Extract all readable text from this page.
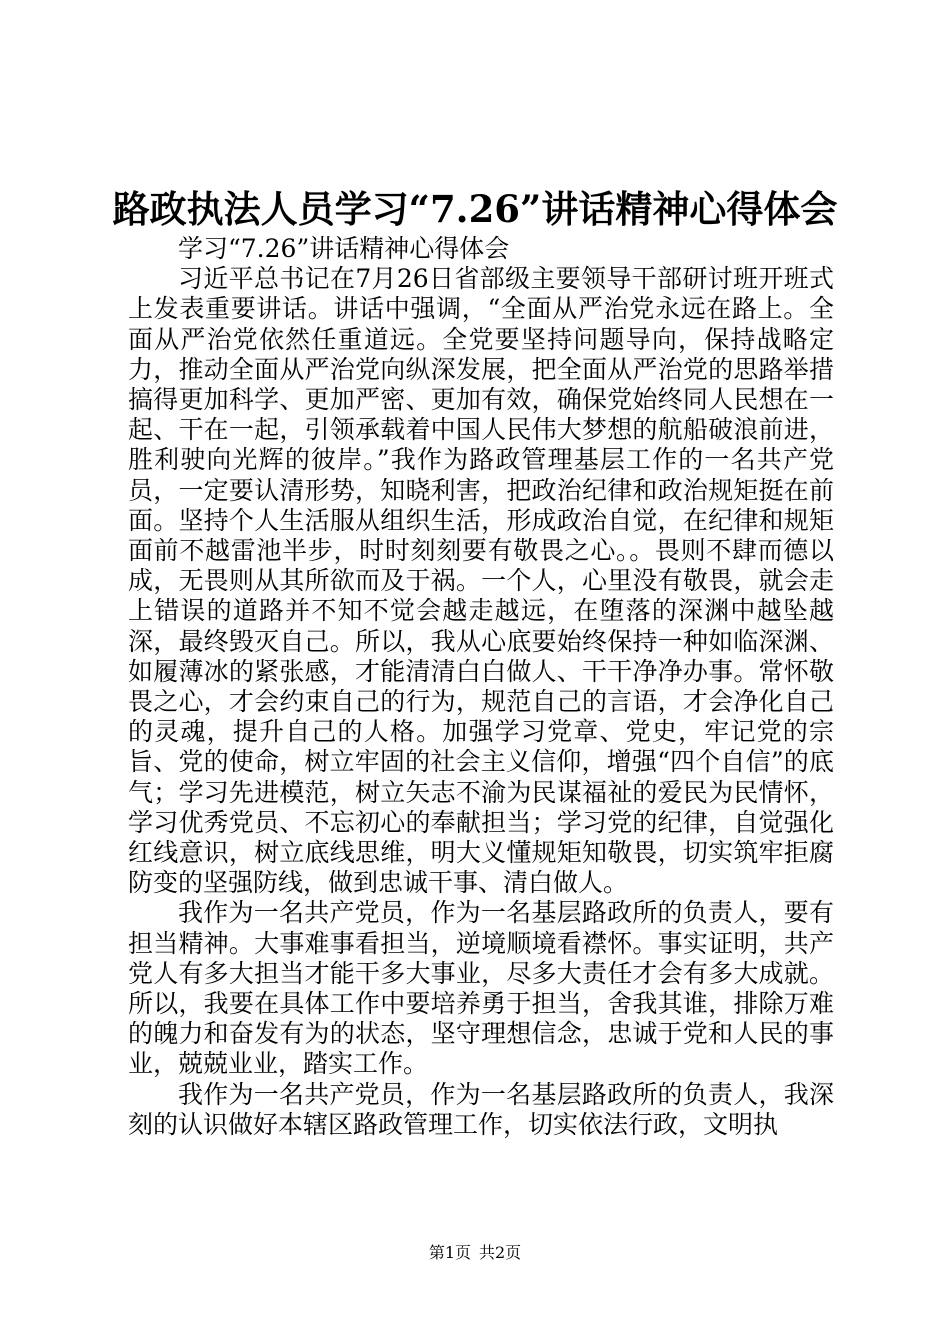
路政执法人员学习“7.26”讲话精神心得体会

学习“7.26”讲话精神心得体会

习近平总书记在7月26日省部级主要领导干部研讨班开班式上发表重要讲话。讲话中强调，“全面从严治党永远在路上。全面从严治党依然任重道远。全党要坚持问题导向，保持战略定力，推动全面从严治党向纵深发展，把全面从严治党的思路举措搞得更加科学、更加严密、更加有效，确保党始终同人民想在一起、干在一起，引领承载着中国人民伟大梦想的航船破浪前进，胜利驶向光辉的彼岸。”我作为路政管理基层工作的一名共产党员，一定要认清形势，知晓利害，把政治纪律和政治规矩挺在前面。坚持个人生活服从组织生活，形成政治自觉，在纪律和规矩面前不越雷池半步，时时刻刻要有敬畏之心。。畏则不肆而德以成，无畏则从其所欲而及于祸。一个人，心里没有敬畏，就会走上错误的道路并不知不觉会越走越远，在堕落的深渊中越坠越深，最终毁灭自己。所以，我从心底要始终保持一种如临深渊、如履薄冰的紧张感，才能清清白白做人、干干净净办事。常怀敬畏之心，才会约束自己的行为，规范自己的言语，才会净化自己的灵魂，提升自己的人格。加强学习党章、党史，牢记党的宗旨、党的使命，树立牢固的社会主义信仰，增强“四个自信”的底气；学习先进模范，树立矢志不渝为民谋福祉的爱民为民情怀，学习优秀党员、不忘初心的奉献担当；学习党的纪律，自觉强化红线意识，树立底线思维，明大义懂规矩知敬畏，切实筑牢拒腐防变的坚强防线，做到忠诚干事、清白做人。

我作为一名共产党员，作为一名基层路政所的负责人，要有担当精神。大事难事看担当，逆境顺境看襟怀。事实证明，共产党人有多大担当才能干多大事业，尽多大责任才会有多大成就。所以，我要在具体工作中要培养勇于担当，舍我其谁，排除万难的魄力和奋发有为的状态，坚守理想信念，忠诚于党和人民的事业，兢兢业业，踏实工作。

我作为一名共产党员，作为一名基层路政所的负责人，我深刻的认识做好本辖区路政管理工作，切实依法行政，文明执

第1页 共2页
